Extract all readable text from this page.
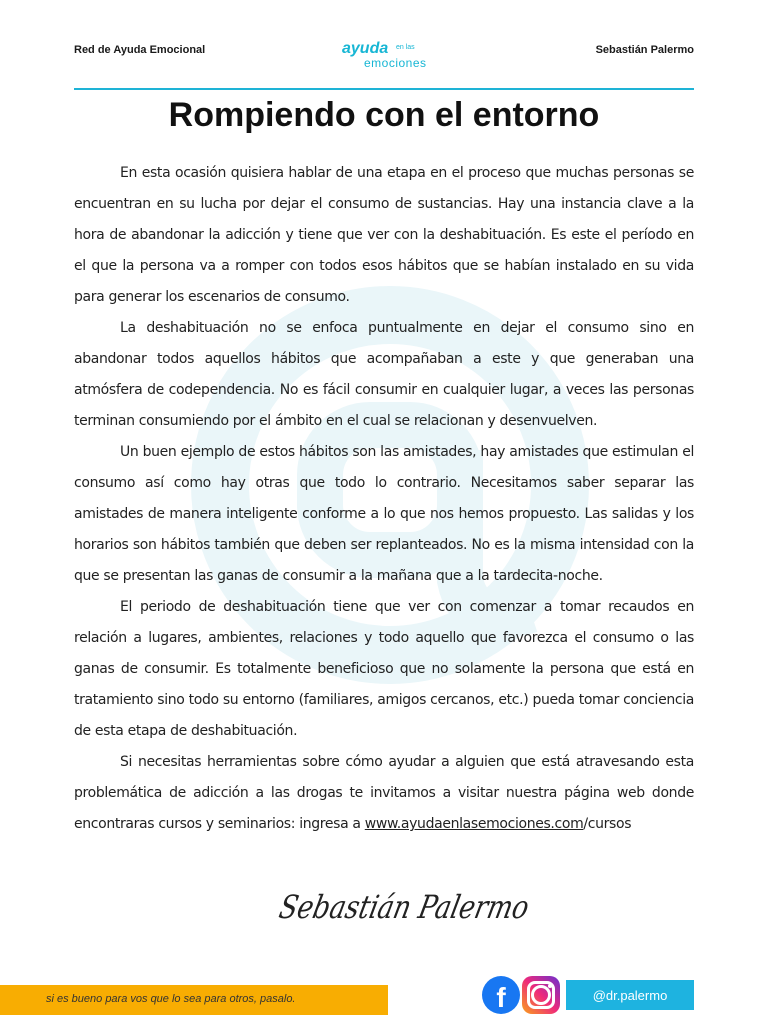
Red de Ayuda Emocional	ayuda en las
emociones
Sebastián Palermo
Rompiendo con el entorno

En esta ocasión quisiera hablar de una etapa en el proceso que muchas personas se encuentran en su lucha por dejar el consumo de sustancias. Hay una instancia clave a la hora de abandonar la adicción y tiene que ver con la deshabituación. Es este el período en el que la persona va a romper con todos esos hábitos que se habían instalado en su vida para generar los escenarios de consumo.

La deshabituación no se enfoca puntualmente en dejar el consumo sino en abandonar todos aquellos hábitos que acompañaban a este y que generaban una atmósfera de codependencia. No es fácil consumir en cualquier lugar, a veces las personas terminan consumiendo por el ámbito en el cual se relacionan y desenvuelven.

Un buen ejemplo de estos hábitos son las amistades, hay amistades que estimulan el consumo así como hay otras que todo lo contrario. Necesitamos saber separar las amistades de manera inteligente conforme a lo que nos hemos propuesto. Las salidas y los horarios son hábitos también que deben ser replanteados. No es la misma intensidad con la que se presentan las ganas de consumir a la mañana que a la tardecita-noche.

El periodo de deshabituación tiene que ver con comenzar a tomar recaudos en relación a lugares, ambientes, relaciones y todo aquello que favorezca el consumo o las ganas de consumir. Es totalmente beneficioso que no solamente la persona que está en tratamiento sino todo su entorno (familiares, amigos cercanos, etc.) pueda tomar conciencia de esta etapa de deshabituación.

Si necesitas herramientas sobre cómo ayudar a alguien que está atravesando esta problemática de adicción a las drogas te invitamos a visitar nuestra página web donde encontraras cursos y seminarios: ingresa a www.ayudaenlasemociones.com/cursos

Sebastián Palermo
si es bueno para vos que lo sea para otros, pasalo.	f	@dr.palermo
